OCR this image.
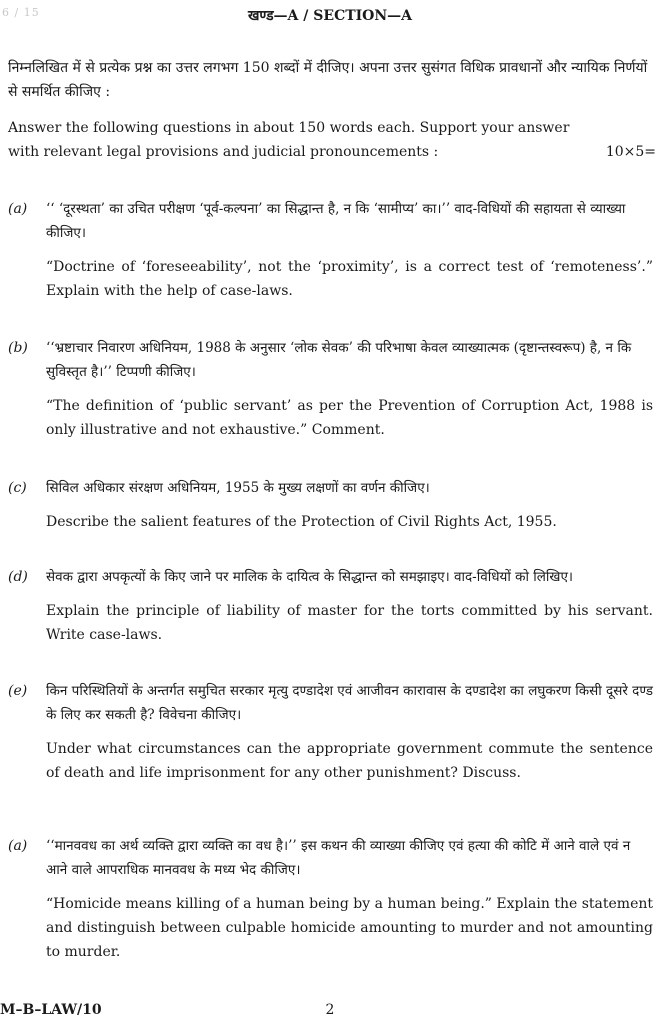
6 / 15	खण्ड—A / SECTION—A
निम्नलिखित में से प्रत्येक प्रश्न का उत्तर लगभग 150 शब्दों में दीजिए। अपना उत्तर सुसंगत विधिक प्रावधानों और न्यायिक निर्णयों से समर्थित कीजिए :
Answer the following questions in about 150 words each. Support your answer with relevant legal provisions and judicial pronouncements :	10×5=
(a)	‘‘ ‘दूरस्थता’ का उचित परीक्षण ‘पूर्व-कल्पना’ का सिद्धान्त है, न कि ‘सामीप्य’ का।’’ वाद-विधियों की सहायता से व्याख्या कीजिए।
“Doctrine of ‘foreseeability’, not the ‘proximity’, is a correct test of ‘remoteness’.” Explain with the help of case-laws.
(b)	‘‘भ्रष्टाचार निवारण अधिनियम, 1988 के अनुसार ‘लोक सेवक’ की परिभाषा केवल व्याख्यात्मक (दृष्टान्तस्वरूप) है, न कि सुविस्तृत है।’’ टिप्पणी कीजिए।
“The definition of ‘public servant’ as per the Prevention of Corruption Act, 1988 is only illustrative and not exhaustive.” Comment.
(c)	सिविल अधिकार संरक्षण अधिनियम, 1955 के मुख्य लक्षणों का वर्णन कीजिए।
Describe the salient features of the Protection of Civil Rights Act, 1955.
(d)	सेवक द्वारा अपकृत्यों के किए जाने पर मालिक के दायित्व के सिद्धान्त को समझाइए। वाद-विधियों को लिखिए।
Explain the principle of liability of master for the torts committed by his servant. Write case-laws.
(e)	किन परिस्थितियों के अन्तर्गत समुचित सरकार मृत्यु दण्डादेश एवं आजीवन कारावास के दण्डादेश का लघुकरण किसी दूसरे दण्ड के लिए कर सकती है? विवेचना कीजिए।
Under what circumstances can the appropriate government commute the sentence of death and life imprisonment for any other punishment? Discuss.
(a)	‘‘मानववध का अर्थ व्यक्ति द्वारा व्यक्ति का वध है।’’ इस कथन की व्याख्या कीजिए एवं हत्या की कोटि में आने वाले एवं न आने वाले आपराधिक मानववध के मध्य भेद कीजिए।
“Homicide means killing of a human being by a human being.” Explain the statement and distinguish between culpable homicide amounting to murder and not amounting to murder.
M–B–LAW/10	2
